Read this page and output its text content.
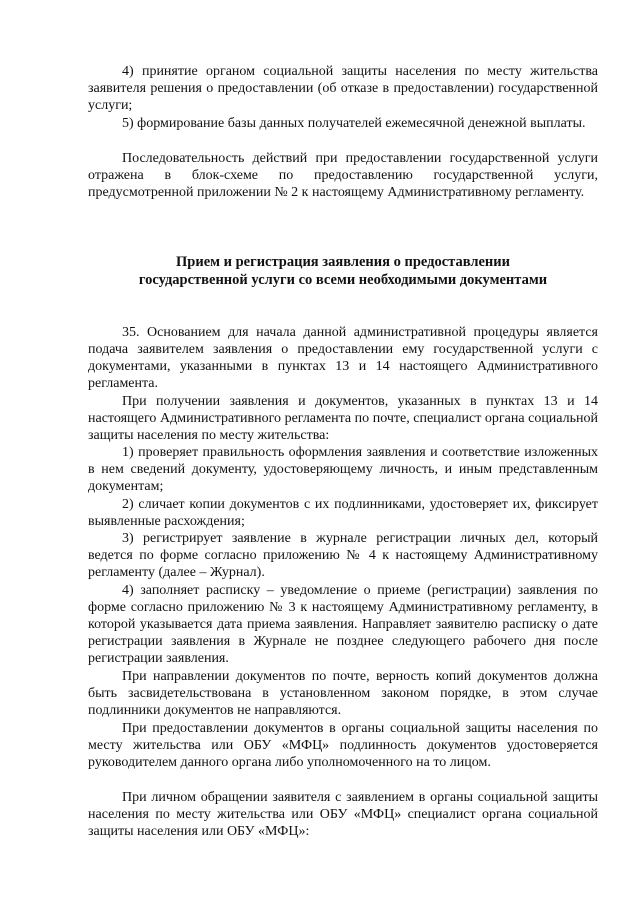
4) принятие органом социальной защиты населения по месту жительства заявителя решения о предоставлении (об отказе в предоставлении) государственной услуги;

5) формирование базы данных получателей ежемесячной денежной выплаты.

Последовательность действий при предоставлении государственной услуги отражена в блок-схеме по предоставлению государственной услуги, предусмотренной приложении № 2 к настоящему Административному регламенту.

Прием и регистрация заявления о предоставлении

государственной услуги со всеми необходимыми документами

35. Основанием для начала данной административной процедуры является подача заявителем заявления о предоставлении ему государственной услуги с документами, указанными в пунктах 13 и 14 настоящего Административного регламента.

При получении заявления и документов, указанных в пунктах 13 и 14 настоящего Административного регламента по почте, специалист органа социальной защиты населения по месту жительства:

1) проверяет правильность оформления заявления и соответствие изложенных в нем сведений документу, удостоверяющему личность, и иным представленным документам;

2) сличает копии документов с их подлинниками, удостоверяет их, фиксирует выявленные расхождения;

3) регистрирует заявление в журнале регистрации личных дел, который ведется по форме согласно приложению № 4 к настоящему Административному регламенту (далее – Журнал).

4) заполняет расписку – уведомление о приеме (регистрации) заявления по форме согласно приложению № 3 к настоящему Административному регламенту, в которой указывается дата приема заявления. Направляет заявителю расписку о дате регистрации заявления в Журнале не позднее следующего рабочего дня после регистрации заявления.

При направлении документов по почте, верность копий документов должна быть засвидетельствована в установленном законом порядке, в этом случае подлинники документов не направляются.

При предоставлении документов в органы социальной защиты населения по месту жительства или ОБУ «МФЦ» подлинность документов удостоверяется руководителем данного органа либо уполномоченного на то лицом.

При личном обращении заявителя с заявлением в органы социальной защиты населения по месту жительства или ОБУ «МФЦ» специалист органа социальной защиты населения или ОБУ «МФЦ»:
